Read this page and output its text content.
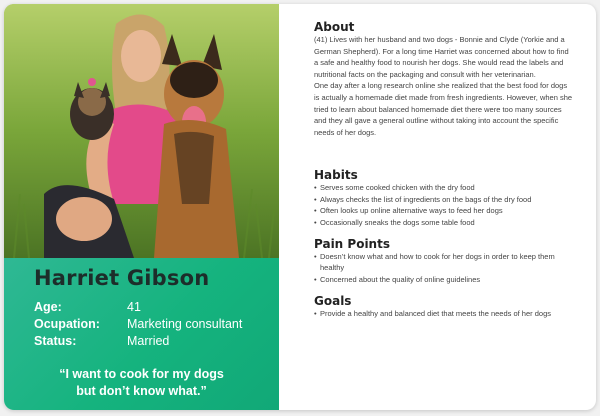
Harriet Gibson
Age:	41
Ocupation: Marketing consultant
Status:	Married
“I want to cook for my dogs
but don’t know what.”
About

(41) Lives with her husband and two dogs - Bonnie and Clyde (Yorkie and a German Shepherd). For a long time Harriet was concerned about how to find a safe and healthy food to nourish her dogs. She would read the labels and nutritional facts on the packaging and consult with her veterinarian.

One day after a long research online she realized that the best food for dogs is actually a homemade diet made from fresh ingredients. However, when she tried to learn about balanced homemade diet there were too many sources and they all gave a general outline without taking into account the specific needs of her dogs.

Habits
• Serves some cooked chicken with the dry food
• Always checks the list of ingredients on the bags of the dry food
• Often looks up online alternative ways to feed her dogs
• Occasionally sneaks the dogs some table food
Pain Points
• Doesn’t know what and how to cook for her dogs in order to keep them healthy
• Concerned about the quality of online guidelines
Goals
• Provide a healthy and balanced diet that meets the needs of her dogs
